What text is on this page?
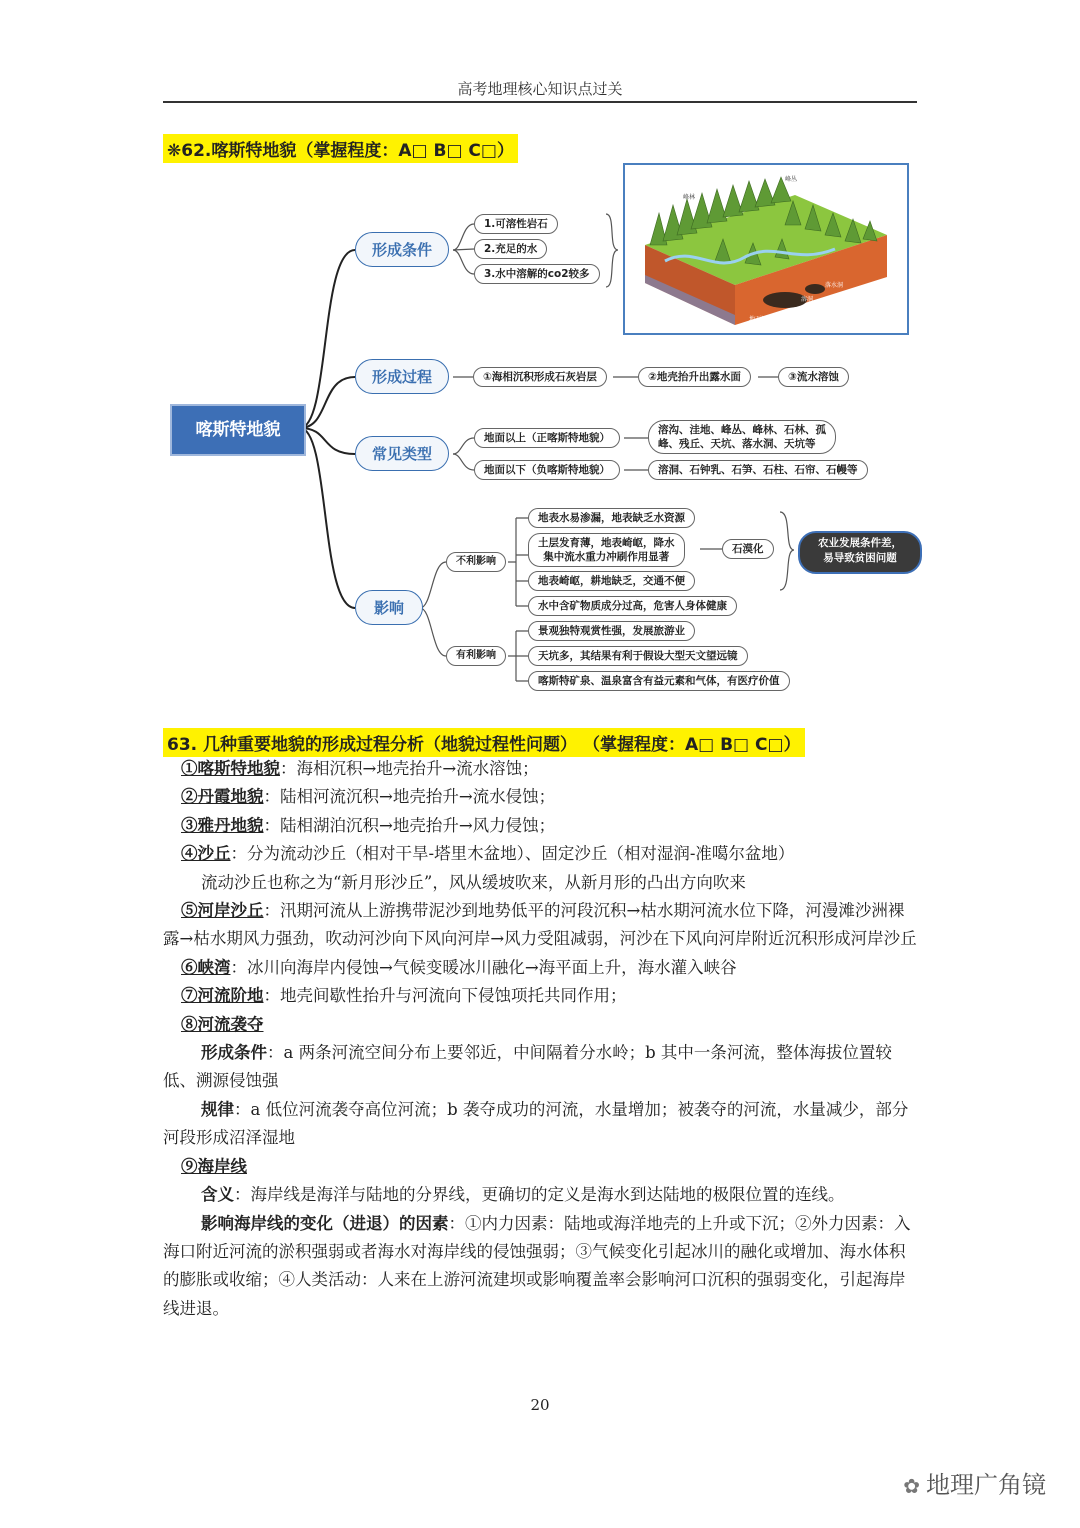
高考地理核心知识点过关
❋62.喀斯特地貌（掌握程度：A□ B□ C□）
喀斯特地貌
形成条件
形成过程
常见类型
影响
1.可溶性岩石
2.充足的水
3.水中溶解的co2较多
①海相沉积形成石灰岩层	②地壳抬升出露水面	③流水溶蚀
地面以上（正喀斯特地貌）
溶沟、洼地、峰丛、峰林、石林、孤
峰、残丘、天坑、落水洞、天坑等
地面以下（负喀斯特地貌）	溶洞、石钟乳、石笋、石柱、石帘、石幔等
不利影响
地表水易渗漏，地表缺乏水资源
土层发育薄，地表崎岖，降水
集中流水重力冲刷作用显著
地表崎岖，耕地缺乏，交通不便
水中含矿物质成分过高，危害人身体健康
石漠化	农业发展条件差，
易导致贫困问题
有利影响
景观独特观赏性强，发展旅游业
天坑多，其结果有利于假设大型天文望远镜
喀斯特矿泉、温泉富含有益元素和气体，有医疗价值
峰林
地下河
溶洞
落水洞
峰丛
63. 几种重要地貌的形成过程分析（地貌过程性问题） （掌握程度：A□ B□ C□）

①喀斯特地貌：海相沉积→地壳抬升→流水溶蚀；

②丹霞地貌：陆相河流沉积→地壳抬升→流水侵蚀；

③雅丹地貌：陆相湖泊沉积→地壳抬升→风力侵蚀；

④沙丘：分为流动沙丘（相对干旱-塔里木盆地）、固定沙丘（相对湿润-准噶尔盆地）

流动沙丘也称之为“新月形沙丘”，风从缓坡吹来，从新月形的凸出方向吹来

⑤河岸沙丘：汛期河流从上游携带泥沙到地势低平的河段沉积→枯水期河流水位下降，河漫滩沙洲裸露→枯水期风力强劲，吹动河沙向下风向河岸→风力受阻减弱，河沙在下风向河岸附近沉积形成河岸沙丘

⑥峡湾：冰川向海岸内侵蚀→气候变暖冰川融化→海平面上升，海水灌入峡谷

⑦河流阶地：地壳间歇性抬升与河流向下侵蚀项托共同作用；

⑧河流袭夺

形成条件：a 两条河流空间分布上要邻近，中间隔着分水岭；b 其中一条河流，整体海拔位置较低、溯源侵蚀强

规律：a 低位河流袭夺高位河流；b 袭夺成功的河流，水量增加；被袭夺的河流，水量减少，部分河段形成沼泽湿地

⑨海岸线

含义：海岸线是海洋与陆地的分界线，更确切的定义是海水到达陆地的极限位置的连线。

影响海岸线的变化（进退）的因素：①内力因素：陆地或海洋地壳的上升或下沉；②外力因素：入海口附近河流的淤积强弱或者海水对海岸线的侵蚀强弱；③气候变化引起冰川的融化或增加、海水体积的膨胀或收缩；④人类活动：人来在上游河流建坝或影响覆盖率会影响河口沉积的强弱变化，引起海岸线进退。

20
✿ 地理广角镜
